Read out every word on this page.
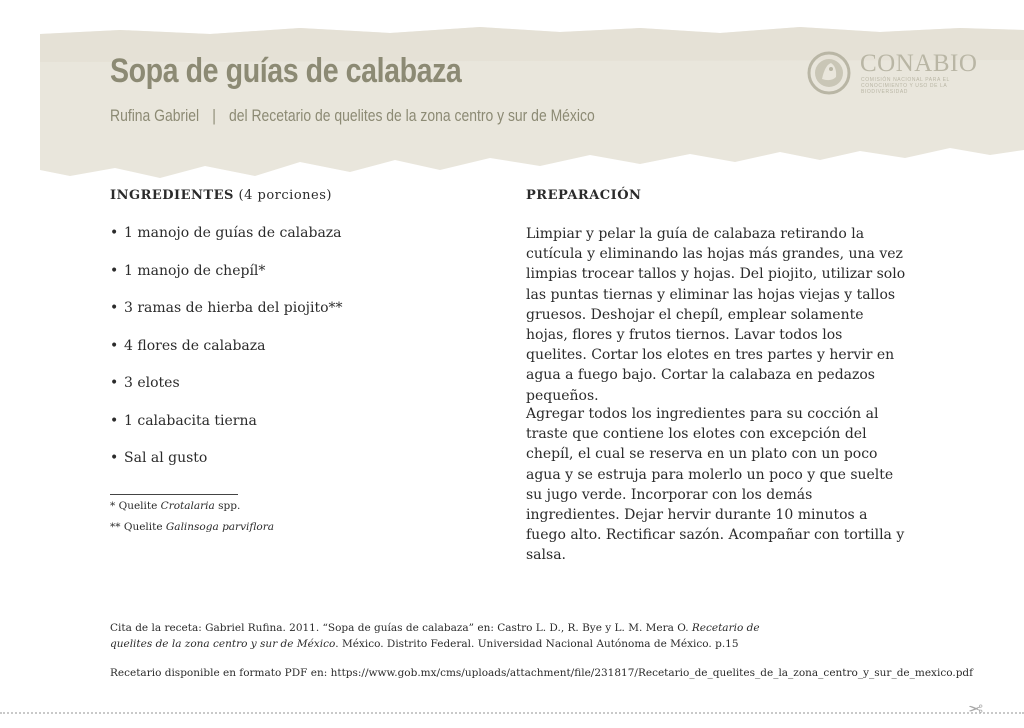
Sopa de guías de calabaza
Rufina Gabriel | del Recetario de quelites de la zona centro y sur de México
CONABIO
COMISIÓN NACIONAL PARA EL CONOCIMIENTO Y USO DE LA BIODIVERSIDAD
INGREDIENTES (4 porciones)
• 1 manojo de guías de calabaza
• 1 manojo de chepíl*
• 3 ramas de hierba del piojito**
• 4 flores de calabaza
• 3 elotes
• 1 calabacita tierna
• Sal al gusto
* Quelite Crotalaria spp.
** Quelite Galinsoga parviflora
PREPARACIÓN

Limpiar y pelar la guía de calabaza retirando la cutícula y eliminando las hojas más grandes, una vez limpias trocear tallos y hojas. Del piojito, utilizar solo las puntas tiernas y eliminar las hojas viejas y tallos gruesos. Deshojar el chepíl, emplear solamente hojas, flores y frutos tiernos. Lavar todos los quelites. Cortar los elotes en tres partes y hervir en agua a fuego bajo. Cortar la calabaza en pedazos pequeños.

Agregar todos los ingredientes para su cocción al traste que contiene los elotes con excepción del chepíl, el cual se reserva en un plato con un poco agua y se estruja para molerlo un poco y que suelte su jugo verde. Incorporar con los demás ingredientes. Dejar hervir durante 10 minutos a fuego alto. Rectificar sazón. Acompañar con tortilla y salsa.

Cita de la receta: Gabriel Rufina. 2011. “Sopa de guías de calabaza” en: Castro L. D., R. Bye y L. M. Mera O. Recetario de quelites de la zona centro y sur de México. México. Distrito Federal. Universidad Nacional Autónoma de México. p.15
Recetario disponible en formato PDF en: https://www.gob.mx/cms/uploads/attachment/file/231817/Recetario_de_quelites_de_la_zona_centro_y_sur_de_mexico.pdf
✂
